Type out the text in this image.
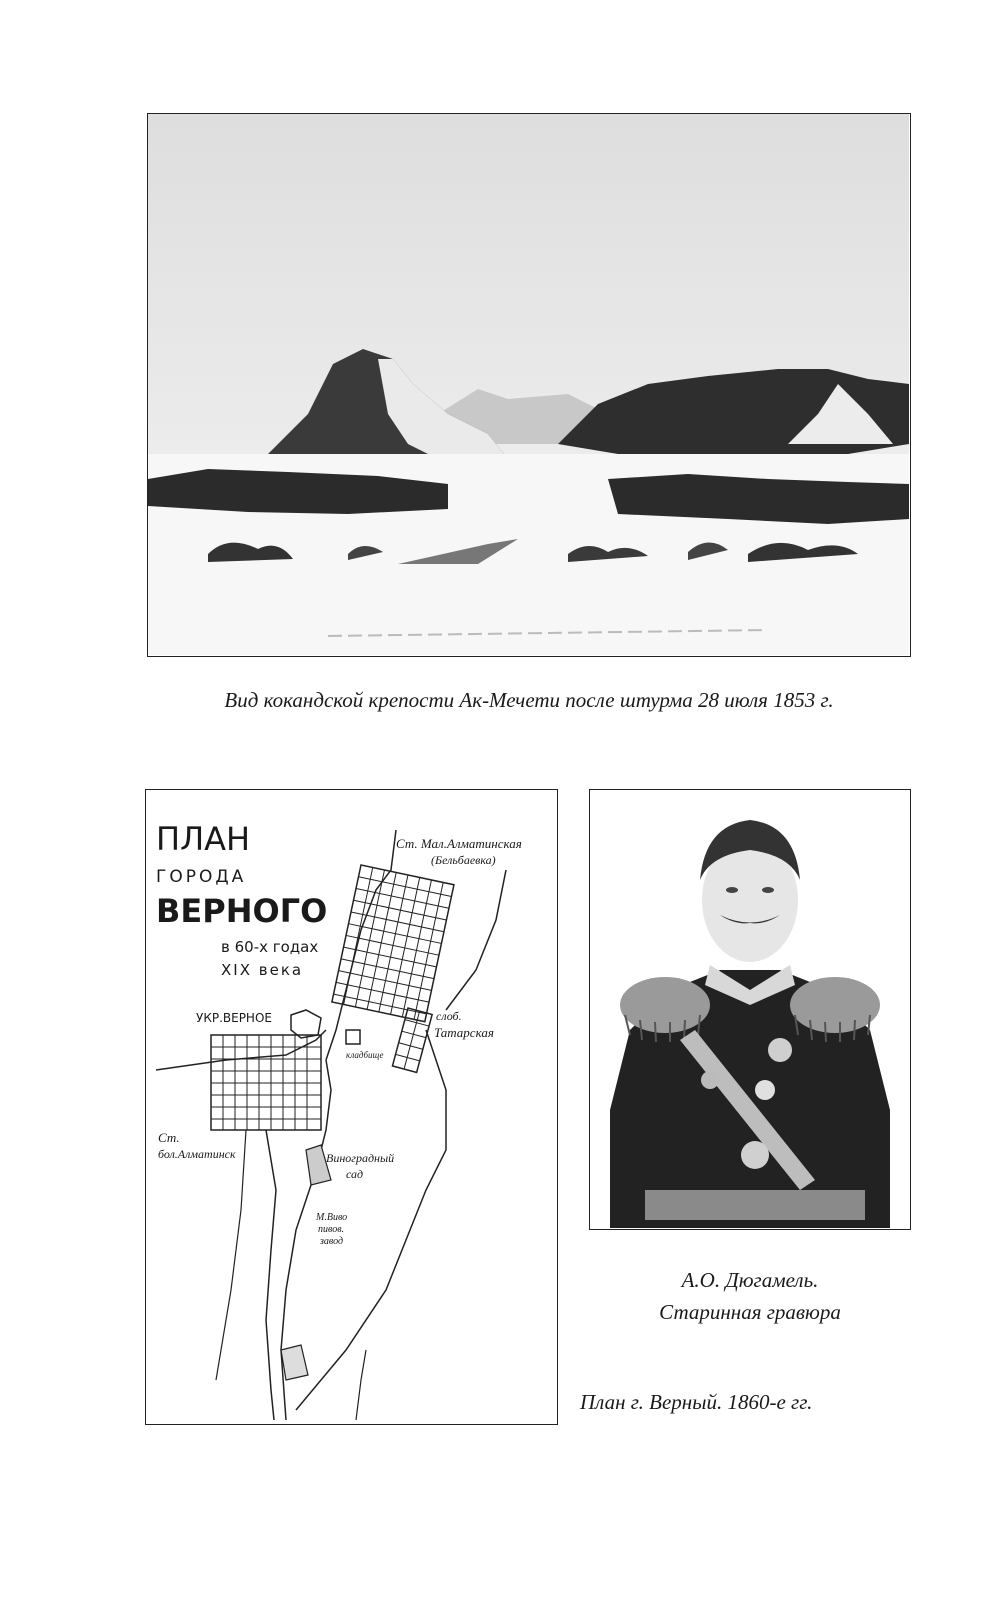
Вид кокандской крепости Ак-Мечети после штурма 28 июля 1853 г.
ПЛАН
ГОРОДА
ВЕРНОГО
в 60-х годах
XIX века
УКР.ВЕРНОЕ
Ст. Мал.Алматинская
(Бельбаевка)
слоб.
Татарская
Ст.
бол.Алматинск	Виноградный
сад
кладбище
М.Виво
пивов.
завод
План г. Верный. 1860-е гг.
А.О. Дюгамель.
Старинная гравюра
